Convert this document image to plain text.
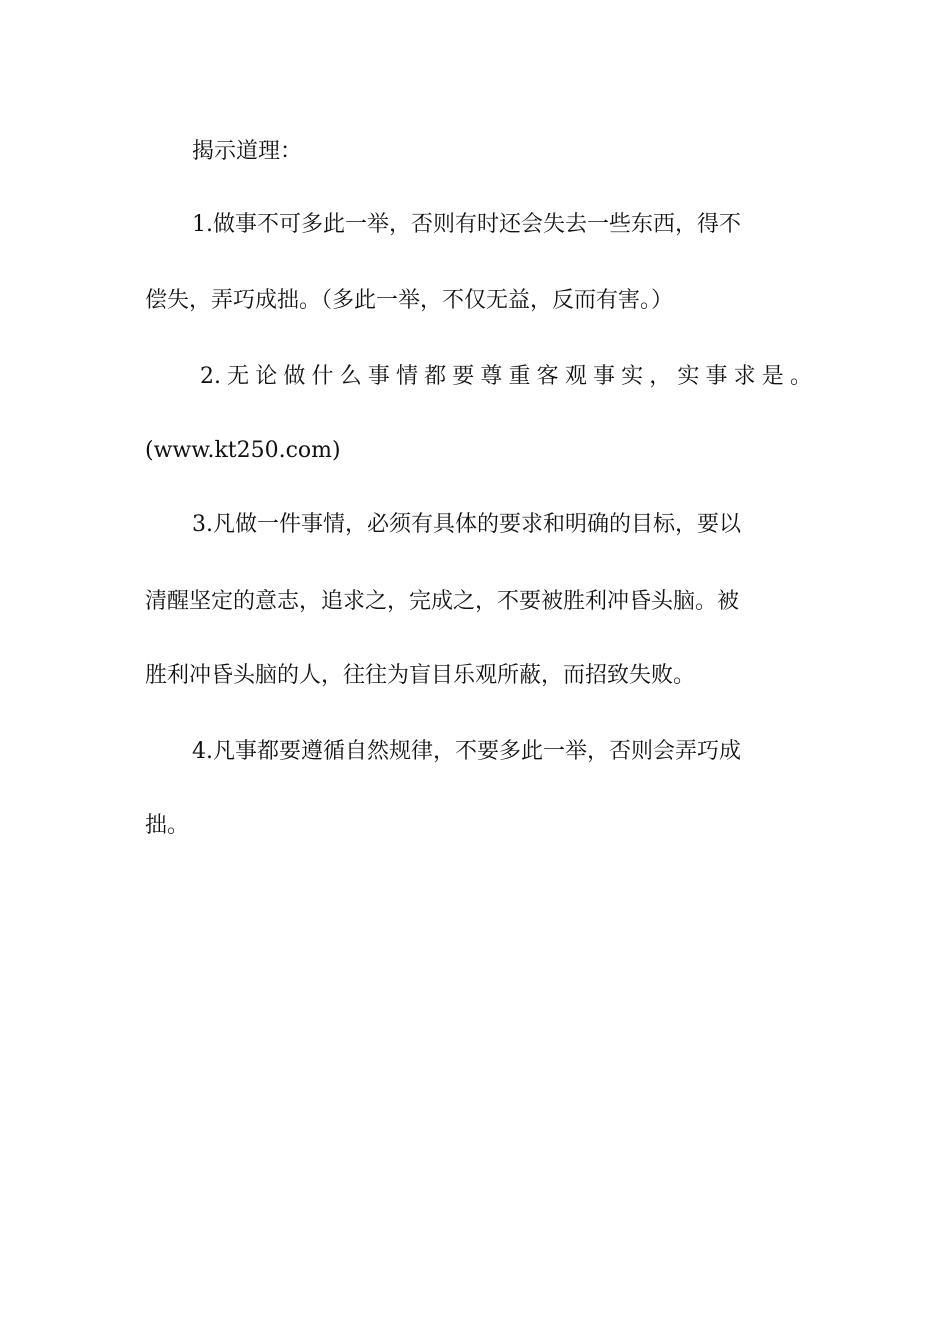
揭示道理：
1.做事不可多此一举，否则有时还会失去一些东西，得不
偿失，弄巧成拙。（多此一举，不仅无益，反而有害。）
2. 无 论 做 什 么 事 情 都 要 尊 重 客 观 事 实 ， 实 事 求 是 。
(www.kt250.com)
3.凡做一件事情，必须有具体的要求和明确的目标，要以
清醒坚定的意志，追求之，完成之，不要被胜利冲昏头脑。被
胜利冲昏头脑的人，往往为盲目乐观所蔽，而招致失败。
4.凡事都要遵循自然规律，不要多此一举，否则会弄巧成
拙。
